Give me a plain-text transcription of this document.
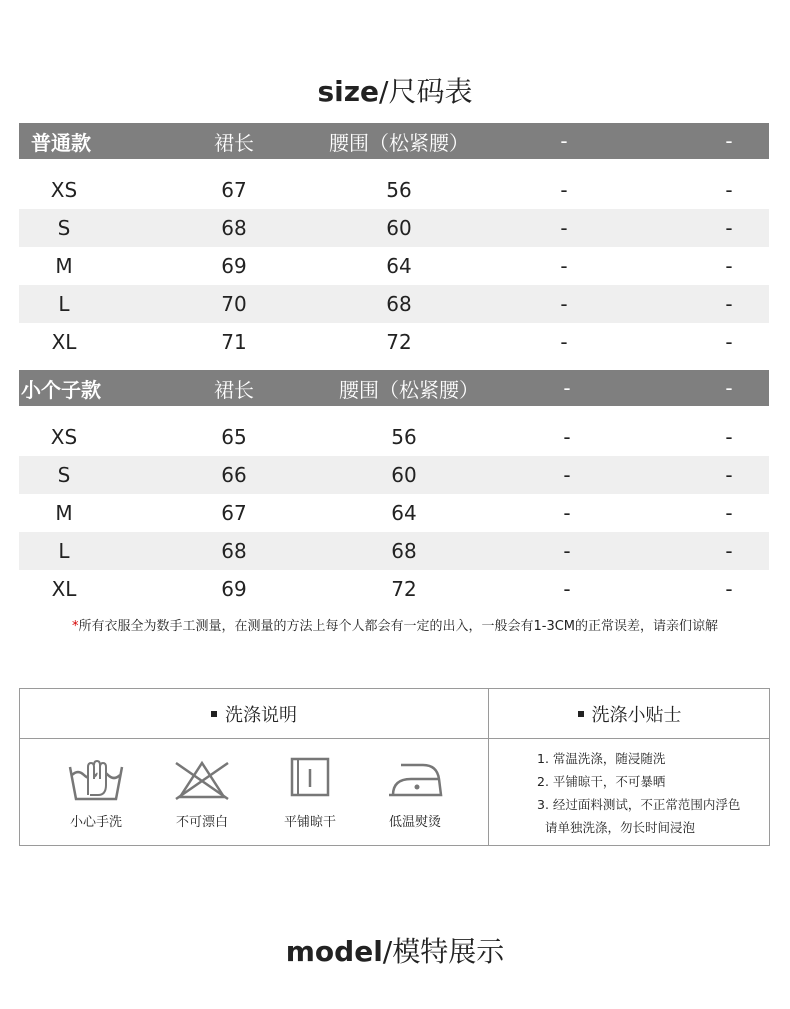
size/尺码表
普通款	裙长	腰围（松紧腰）	-	-
XS	67	56	-	-
S	68	60	-	-
M	69	64	-	-
L	70	68	-	-
XL	71	72	-	-
小个子款	裙长	腰围（松紧腰）	-	-
XS	65	56	-	-
S	66	60	-	-
M	67	64	-	-
L	68	68	-	-
XL	69	72	-	-
*所有衣服全为数手工测量，在测量的方法上每个人都会有一定的出入，一般会有1-3CM的正常误差，请亲们谅解
洗涤说明	洗涤小贴士
小心手洗	不可漂白	平铺晾干	低温熨烫
1. 常温洗涤，随浸随洗
2. 平铺晾干，不可暴晒
3. 经过面料测试，不正常范围内浮色
请单独洗涤，勿长时间浸泡
model/模特展示
